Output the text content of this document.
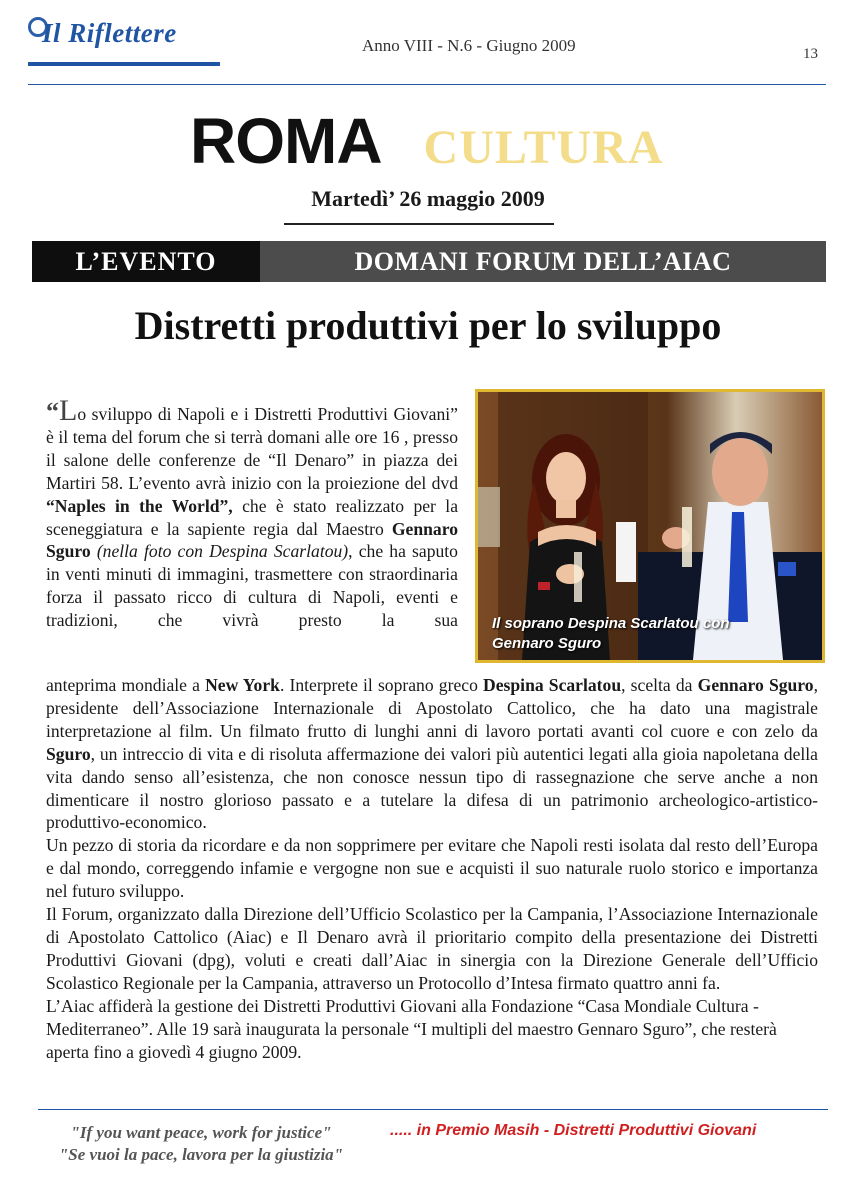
Il Riflettere	Anno VIII - N.6 - Giugno 2009	13
ROMA CULTURA
Martedì’ 26 maggio 2009
L’EVENTO	DOMANI FORUM DELL’AIAC
Distretti produttivi per lo sviluppo
Il soprano Despina Scarlatou con
Gennaro Sguro

“Lo sviluppo di Napoli e i Distretti Produttivi Giovani” è il tema del forum che si terrà domani alle ore 16 , presso il salone delle conferenze de “Il Denaro” in piazza dei Martiri 58. L’evento avrà inizio con la proiezione del dvd “Naples in the World”, che è stato realizzato per la sceneggiatura e la sapiente regia dal Maestro Gennaro Sguro (nella foto con Despina Scarlatou), che ha saputo in venti minuti di immagini, trasmettere con straordinaria forza il passato ricco di cultura di Napoli, eventi e tradizioni, che vivrà presto la sua

anteprima mondiale a New York. Interprete il soprano greco Despina Scarlatou, scelta da Gennaro Sguro, presidente dell’Associazione Internazionale di Apostolato Cattolico, che ha dato una magistrale interpretazione al film. Un filmato frutto di lunghi anni di lavoro portati avanti col cuore e con zelo da Sguro, un intreccio di vita e di risoluta affermazione dei valori più autentici legati alla gioia napoletana della vita dando senso all’esistenza, che non conosce nessun tipo di rassegnazione che serve anche a non dimenticare il nostro glorioso passato e a tutelare la difesa di un patrimonio archeologico-artistico-produttivo-economico.

Un pezzo di storia da ricordare e da non sopprimere per evitare che Napoli resti isolata dal resto dell’Europa e dal mondo, correggendo infamie e vergogne non sue e acquisti il suo naturale ruolo storico e importanza nel futuro sviluppo.

Il Forum, organizzato dalla Direzione dell’Ufficio Scolastico per la Campania, l’Associazione Internazionale di Apostolato Cattolico (Aiac) e Il Denaro avrà il prioritario compito della presentazione dei Distretti Produttivi Giovani (dpg), voluti e creati dall’Aiac in sinergia con la Direzione Generale dell’Ufficio Scolastico Regionale per la Campania, attraverso un Protocollo d’Intesa firmato quattro anni fa.

L’Aiac affiderà la gestione dei Distretti Produttivi Giovani alla Fondazione “Casa Mondiale Cultura - Mediterraneo”. Alle 19 sarà inaugurata la personale “I multipli del maestro Gennaro Sguro”, che resterà aperta fino a giovedì 4 giugno 2009.

"If you want peace, work for justice"
"Se vuoi la pace, lavora per la giustizia"
..... in Premio Masih - Distretti Produttivi Giovani
